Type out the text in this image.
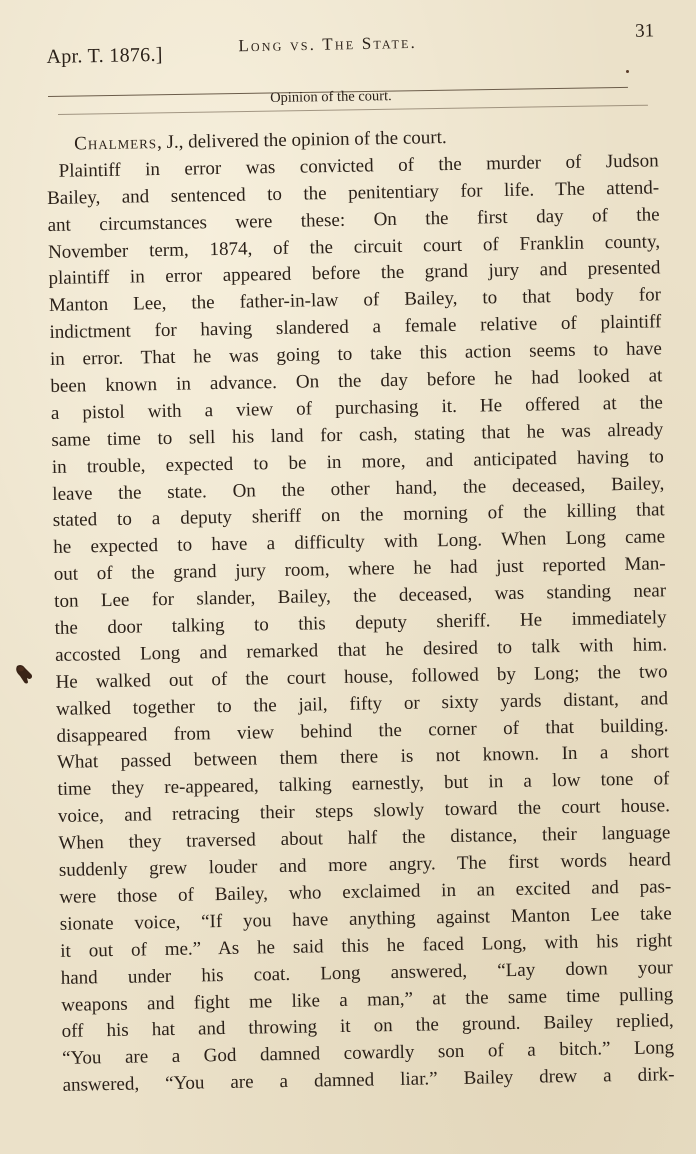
Apr. T. 1876.]	Long vs. The State.
31
Opinion of the court.
Chalmers, J., delivered the opinion of the court.
Plaintiff in error was convicted of the murder of Judson
Bailey, and sentenced to the penitentiary for life. The attend-
ant circumstances were these: On the first day of the
November term, 1874, of the circuit court of Franklin county,
plaintiff in error appeared before the grand jury and presented
Manton Lee, the father-in-law of Bailey, to that body for
indictment for having slandered a female relative of plaintiff
in error. That he was going to take this action seems to have
been known in advance. On the day before he had looked at
a pistol with a view of purchasing it. He offered at the
same time to sell his land for cash, stating that he was already
in trouble, expected to be in more, and anticipated having to
leave the state. On the other hand, the deceased, Bailey,
stated to a deputy sheriff on the morning of the killing that
he expected to have a difficulty with Long. When Long came
out of the grand jury room, where he had just reported Man-
ton Lee for slander, Bailey, the deceased, was standing near
the door talking to this deputy sheriff. He immediately
accosted Long and remarked that he desired to talk with him.
He walked out of the court house, followed by Long; the two
walked together to the jail, fifty or sixty yards distant, and
disappeared from view behind the corner of that building.
What passed between them there is not known. In a short
time they re-appeared, talking earnestly, but in a low tone of
voice, and retracing their steps slowly toward the court house.
When they traversed about half the distance, their language
suddenly grew louder and more angry. The first words heard
were those of Bailey, who exclaimed in an excited and pas-
sionate voice, “If you have anything against Manton Lee take
it out of me.” As he said this he faced Long, with his right
hand under his coat. Long answered, “Lay down your
weapons and fight me like a man,” at the same time pulling
off his hat and throwing it on the ground. Bailey replied,
“You are a God damned cowardly son of a bitch.” Long
answered, “You are a damned liar.” Bailey drew a dirk-
